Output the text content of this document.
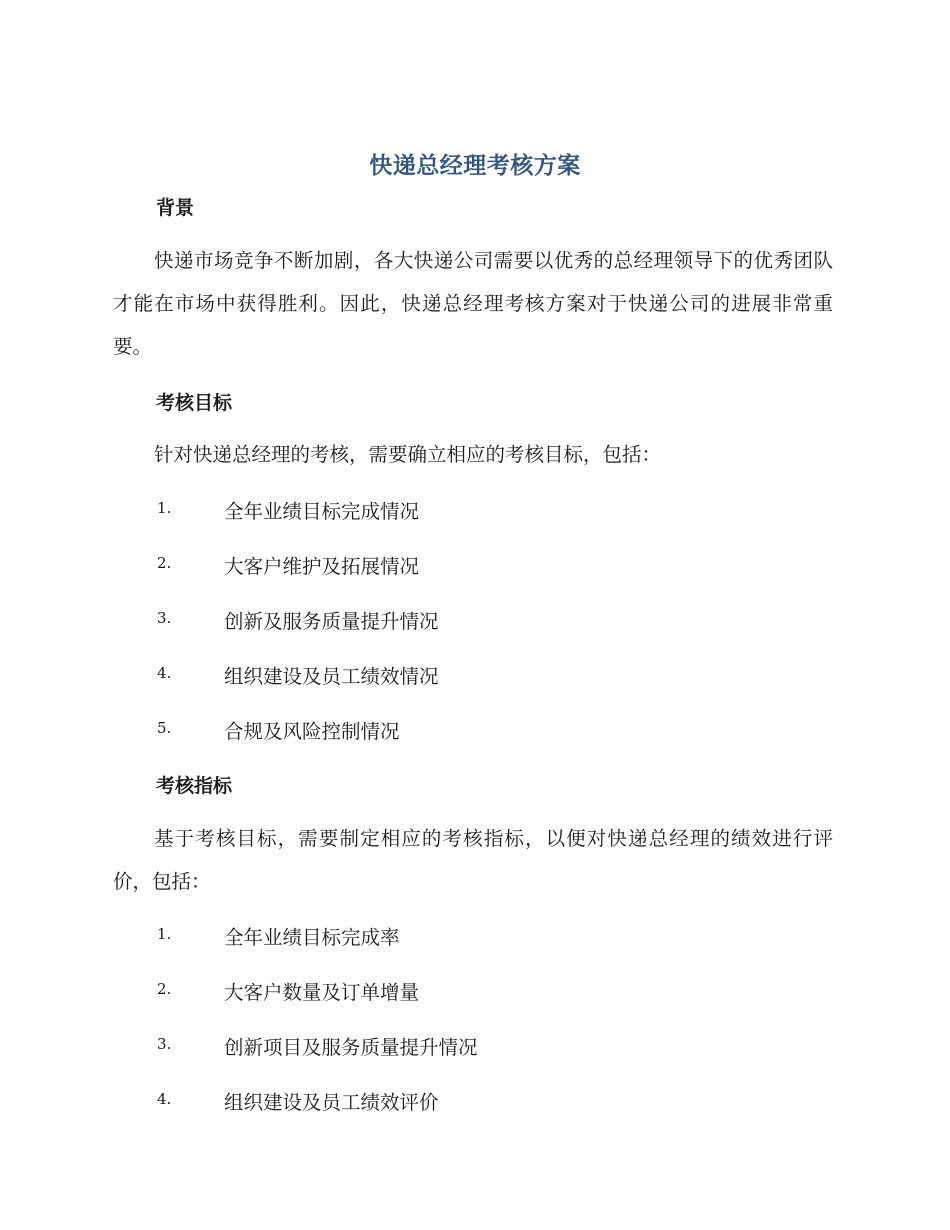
快递总经理考核方案
背景
快递市场竞争不断加剧，各大快递公司需要以优秀的总经理领导下的优秀团队才能在市场中获得胜利。因此，快递总经理考核方案对于快递公司的进展非常重要。
考核目标
针对快递总经理的考核，需要确立相应的考核目标，包括：
1.	全年业绩目标完成情况
2.	大客户维护及拓展情况
3.	创新及服务质量提升情况
4.	组织建设及员工绩效情况
5.	合规及风险控制情况
考核指标
基于考核目标，需要制定相应的考核指标，以便对快递总经理的绩效进行评价，包括：
1.	全年业绩目标完成率
2.	大客户数量及订单增量
3.	创新项目及服务质量提升情况
4.	组织建设及员工绩效评价
